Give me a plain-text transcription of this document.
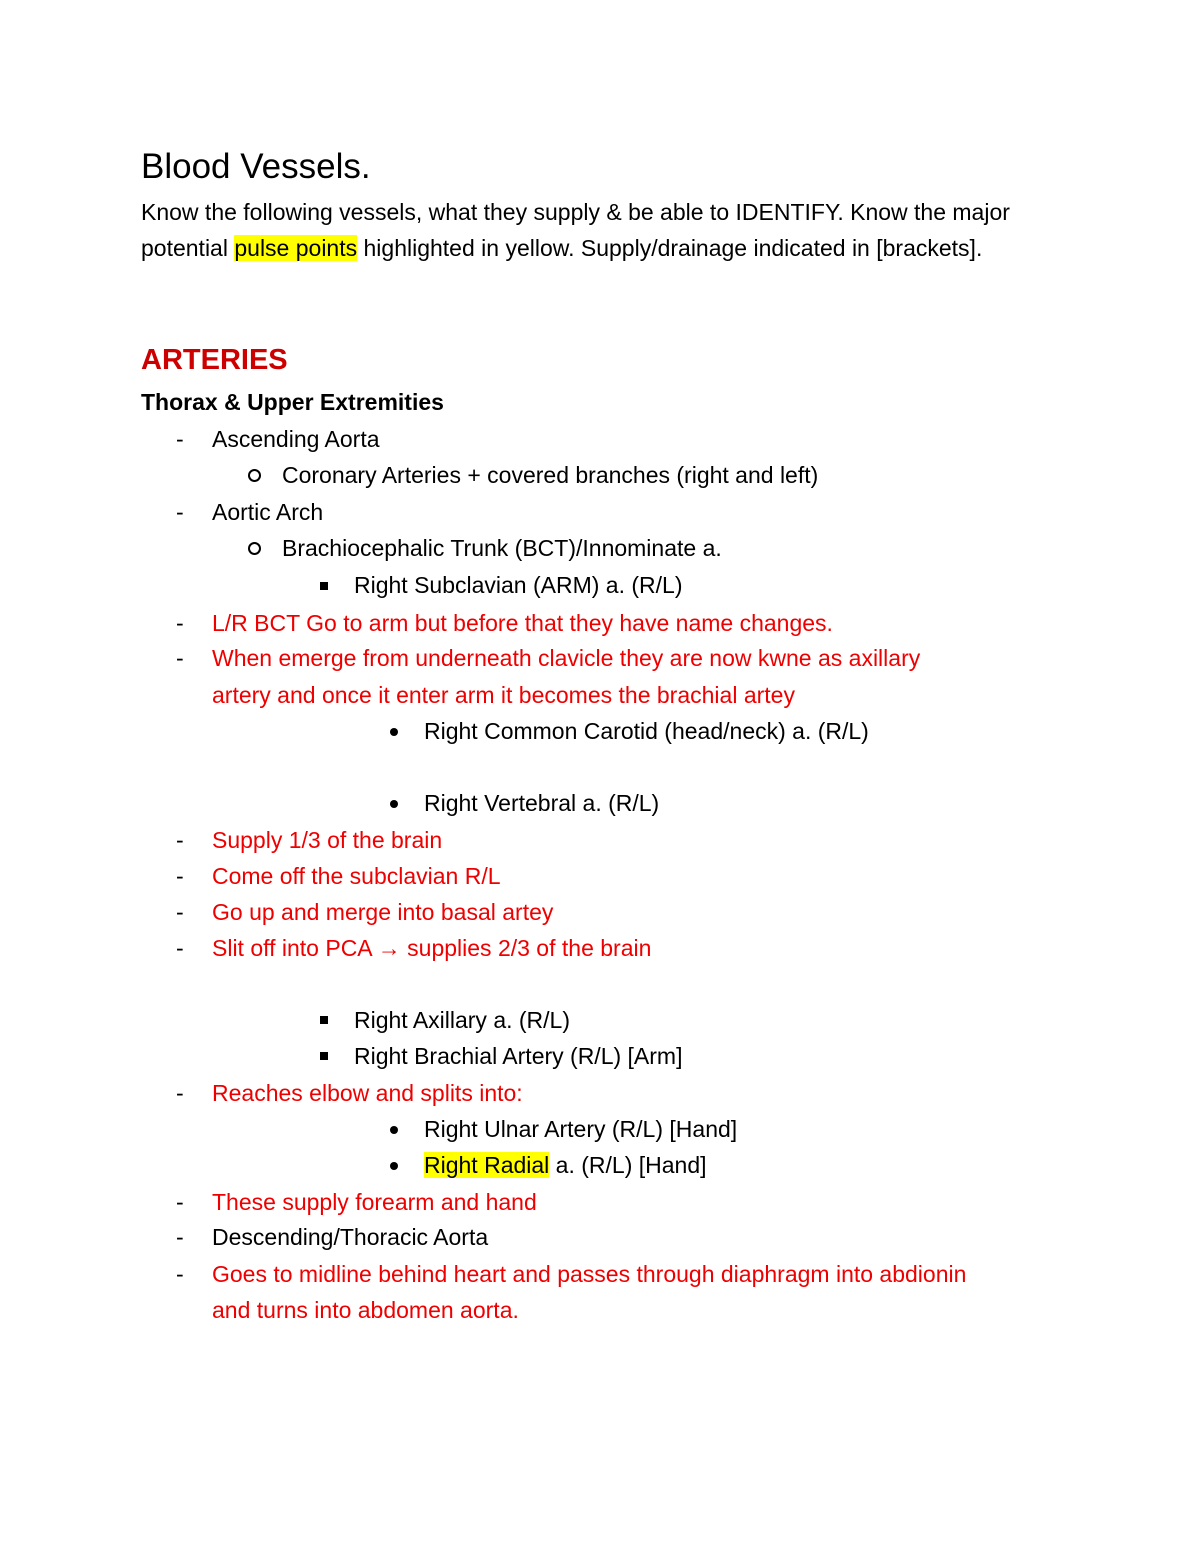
Blood Vessels.
Know the following vessels, what they supply & be able to IDENTIFY. Know the major potential pulse points highlighted in yellow. Supply/drainage indicated in [brackets].
ARTERIES
Thorax & Upper Extremities
- Ascending Aorta
Coronary Arteries + covered branches (right and left)
- Aortic Arch
Brachiocephalic Trunk (BCT)/Innominate a.
Right Subclavian (ARM) a. (R/L)
- L/R BCT Go to arm but before that they have name changes.
- When emerge from underneath clavicle they are now kwne as axillary
artery and once it enter arm it becomes the brachial artey
Right Common Carotid (head/neck) a. (R/L)
Right Vertebral a. (R/L)
- Supply 1/3 of the brain
- Come off the subclavian R/L
- Go up and merge into basal artey
- Slit off into PCA → supplies 2/3 of the brain
Right Axillary a. (R/L)
Right Brachial Artery (R/L) [Arm]
- Reaches elbow and splits into:
Right Ulnar Artery (R/L) [Hand]
Right Radial a. (R/L) [Hand]
- These supply forearm and hand
- Descending/Thoracic Aorta
- Goes to midline behind heart and passes through diaphragm into abdionin
and turns into abdomen aorta.
